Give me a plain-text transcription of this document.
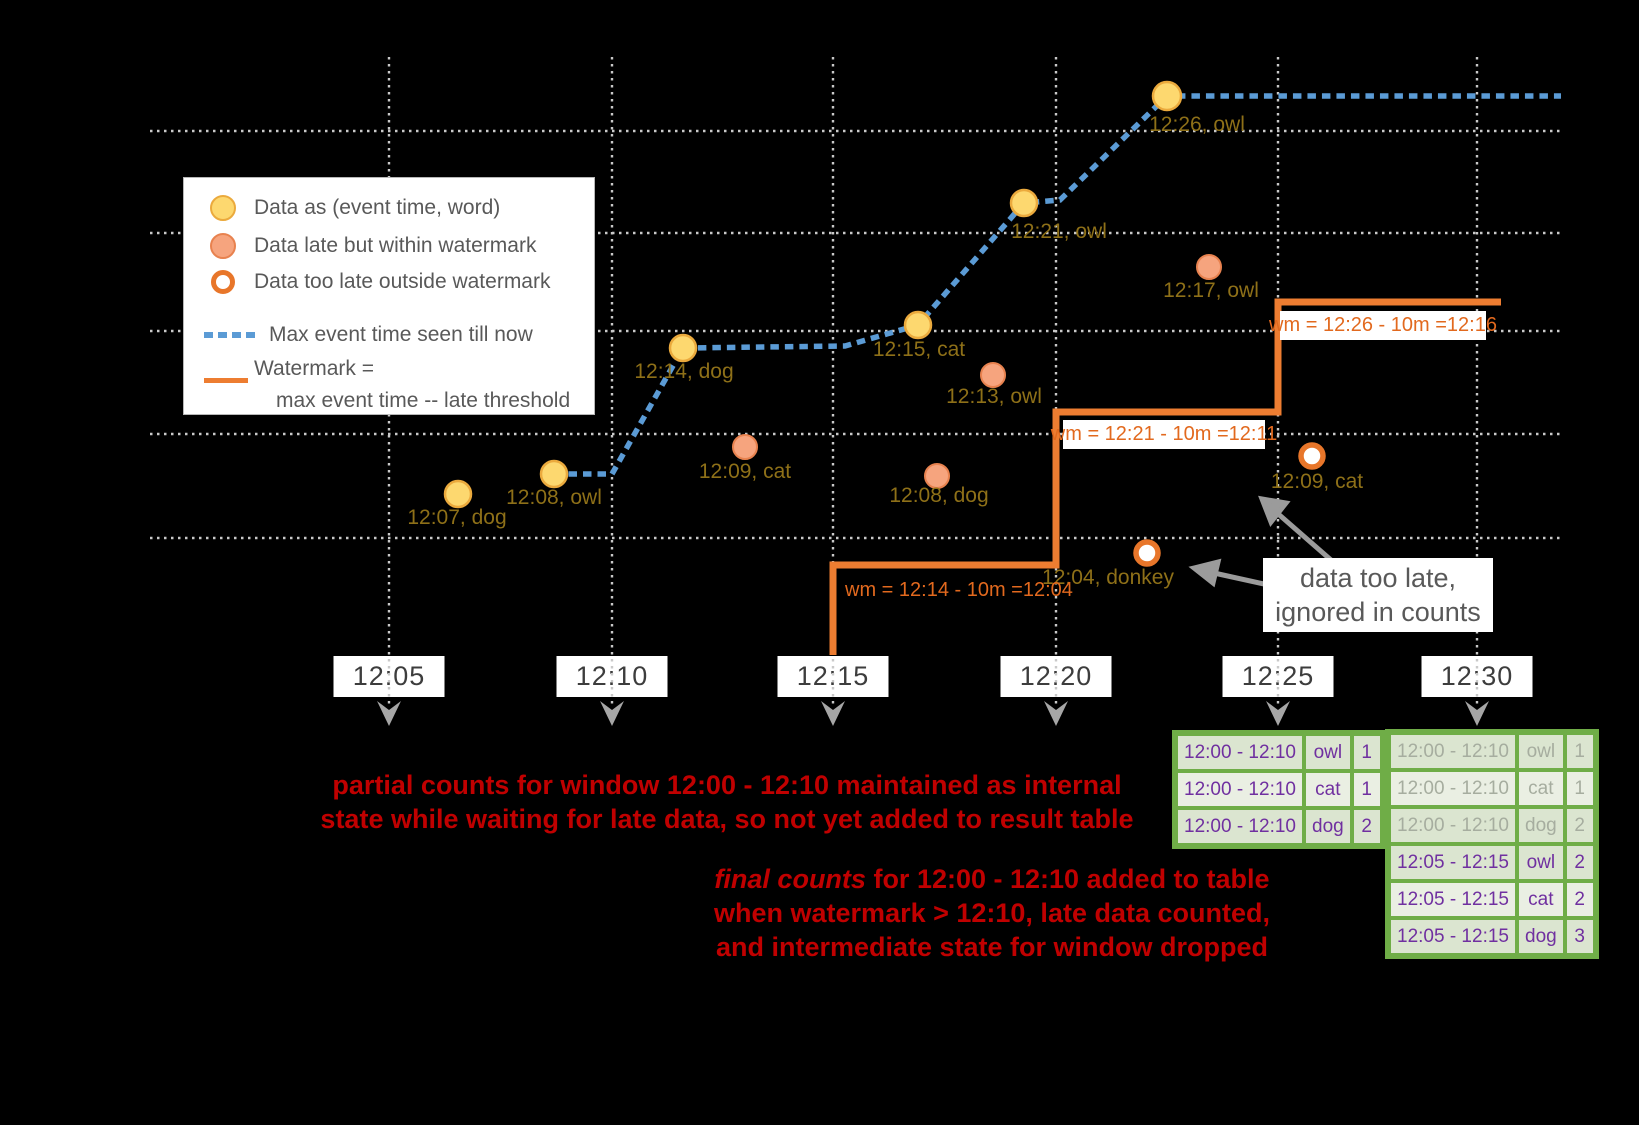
12:05	12:10	12:15	12:20	12:25	12:30
Data as (event time, word)
Data late but within watermark
Data too late outside watermark
Max event time seen till now
Watermark =
max event time -- late threshold
12:07, dog
12:08, owl
12:14, dog
12:09, cat
12:15, cat
12:13, owl
12:08, dog
12:21, owl
12:26, owl
12:17, owl
12:04, donkey
12:09, cat
wm = 12:14 - 10m =12:04
wm = 12:21 - 10m =12:11
wm = 12:26 - 10m =12:16
data too late,
ignored in counts
partial counts for window 12:00 - 12:10 maintained as internal
state while waiting for late data, so not yet added to result table
final counts for 12:00 - 12:10 added to table
when watermark > 12:10, late data counted,
and intermediate state for window dropped
12:00 - 12:10	owl	1
12:00 - 12:10	cat	1
12:00 - 12:10	dog	2
12:00 - 12:10	owl	1
12:00 - 12:10	cat	1
12:00 - 12:10	dog	2
12:05 - 12:15	owl	2
12:05 - 12:15	cat	2
12:05 - 12:15	dog	3
